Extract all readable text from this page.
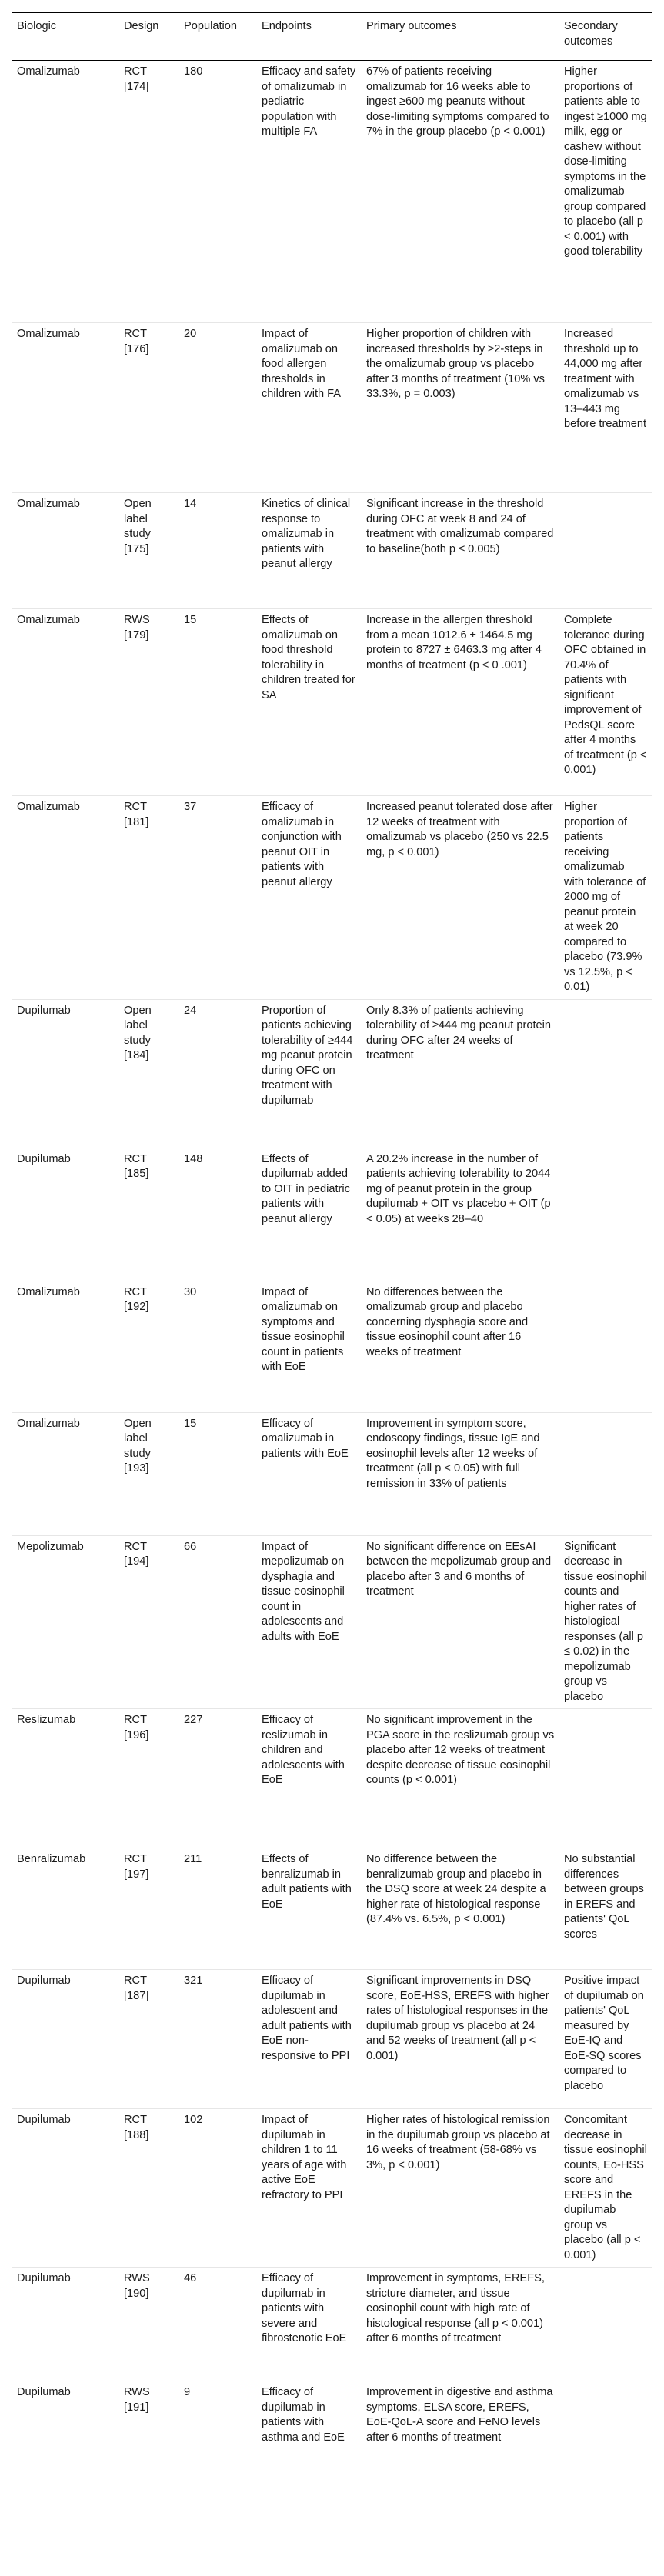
Biologic	Design	Population	Endpoints	Primary outcomes	Secondary outcomes
Omalizumab	RCT [174]	180	Efficacy and safety of omalizumab in pediatric population with multiple FA	67% of patients receiving omalizumab for 16 weeks able to ingest ≥600 mg peanuts without dose-limiting symptoms compared to 7% in the group placebo (p < 0.001)	Higher proportions of patients able to ingest ≥1000 mg milk, egg or cashew without dose-limiting symptoms in the omalizumab group compared to placebo (all p < 0.001) with good tolerability
Omalizumab	RCT [176]	20	Impact of omalizumab on food allergen thresholds in children with FA	Higher proportion of children with increased thresholds by ≥2-steps in the omalizumab group vs placebo after 3 months of treatment (10% vs 33.3%, p = 0.003)	Increased threshold up to 44,000 mg after treatment with omalizumab vs 13–443 mg before treatment
Omalizumab	Open label study [175]	14	Kinetics of clinical response to omalizumab in patients with peanut allergy	Significant increase in the threshold during OFC at week 8 and 24 of treatment with omalizumab compared to baseline(both p ≤ 0.005)	
Omalizumab	RWS [179]	15	Effects of omalizumab on food threshold tolerability in children treated for SA	Increase in the allergen threshold from a mean 1012.6 ± 1464.5 mg protein to 8727 ± 6463.3 mg after 4 months of treatment (p < 0 .001)	Complete tolerance during OFC obtained in 70.4% of patients with significant improvement of PedsQL score after 4 months of treatment (p < 0.001)
Omalizumab	RCT [181]	37	Efficacy of omalizumab in conjunction with peanut OIT in patients with peanut allergy	Increased peanut tolerated dose after 12 weeks of treatment with omalizumab vs placebo (250 vs 22.5 mg, p < 0.001)	Higher proportion of patients receiving omalizumab with tolerance of 2000 mg of peanut protein at week 20 compared to placebo (73.9% vs 12.5%, p < 0.01)
Dupilumab	Open label study [184]	24	Proportion of patients achieving tolerability of ≥444 mg peanut protein during OFC on treatment with dupilumab	Only 8.3% of patients achieving tolerability of ≥444 mg peanut protein during OFC after 24 weeks of treatment	
Dupilumab	RCT [185]	148	Effects of dupilumab added to OIT in pediatric patients with peanut allergy	A 20.2% increase in the number of patients achieving tolerability to 2044 mg of peanut protein in the group dupilumab + OIT vs placebo + OIT (p < 0.05) at weeks 28–40	
Omalizumab	RCT [192]	30	Impact of omalizumab on symptoms and tissue eosinophil count in patients with EoE	No differences between the omalizumab group and placebo concerning dysphagia score and tissue eosinophil count after 16 weeks of treatment	
Omalizumab	Open label study [193]	15	Efficacy of omalizumab in patients with EoE	Improvement in symptom score, endoscopy findings, tissue IgE and eosinophil levels after 12 weeks of treatment (all p < 0.05) with full remission in 33% of patients	
Mepolizumab	RCT [194]	66	Impact of mepolizumab on dysphagia and tissue eosinophil count in adolescents and adults with EoE	No significant difference on EEsAI between the mepolizumab group and placebo after 3 and 6 months of treatment	Significant decrease in tissue eosinophil counts and higher rates of histological responses (all p ≤ 0.02) in the mepolizumab group vs placebo
Reslizumab	RCT [196]	227	Efficacy of reslizumab in children and adolescents with EoE	No significant improvement in the PGA score in the reslizumab group vs placebo after 12 weeks of treatment despite decrease of tissue eosinophil counts (p < 0.001)	
Benralizumab	RCT [197]	211	Effects of benralizumab in adult patients with EoE	No difference between the benralizumab group and placebo in the DSQ score at week 24 despite a higher rate of histological response (87.4% vs. 6.5%, p < 0.001)	No substantial differences between groups in EREFS and patients' QoL scores
Dupilumab	RCT [187]	321	Efficacy of dupilumab in adolescent and adult patients with EoE non-responsive to PPI	Significant improvements in DSQ score, EoE-HSS, EREFS with higher rates of histological responses in the dupilumab group vs placebo at 24 and 52 weeks of treatment (all p < 0.001)	Positive impact of dupilumab on patients' QoL measured by EoE-IQ and EoE-SQ scores compared to placebo
Dupilumab	RCT [188]	102	Impact of dupilumab in children 1 to 11 years of age with active EoE refractory to PPI	Higher rates of histological remission in the dupilumab group vs placebo at 16 weeks of treatment (58-68% vs 3%, p < 0.001)	Concomitant decrease in tissue eosinophil counts, Eo-HSS score and EREFS in the dupilumab group vs placebo (all p < 0.001)
Dupilumab	RWS [190]	46	Efficacy of dupilumab in patients with severe and fibrostenotic EoE	Improvement in symptoms, EREFS, stricture diameter, and tissue eosinophil count with high rate of histological response (all p < 0.001) after 6 months of treatment	
Dupilumab	RWS [191]	9	Efficacy of dupilumab in patients with asthma and EoE	Improvement in digestive and asthma symptoms, ELSA score, EREFS, EoE-QoL-A score and FeNO levels after 6 months of treatment	
